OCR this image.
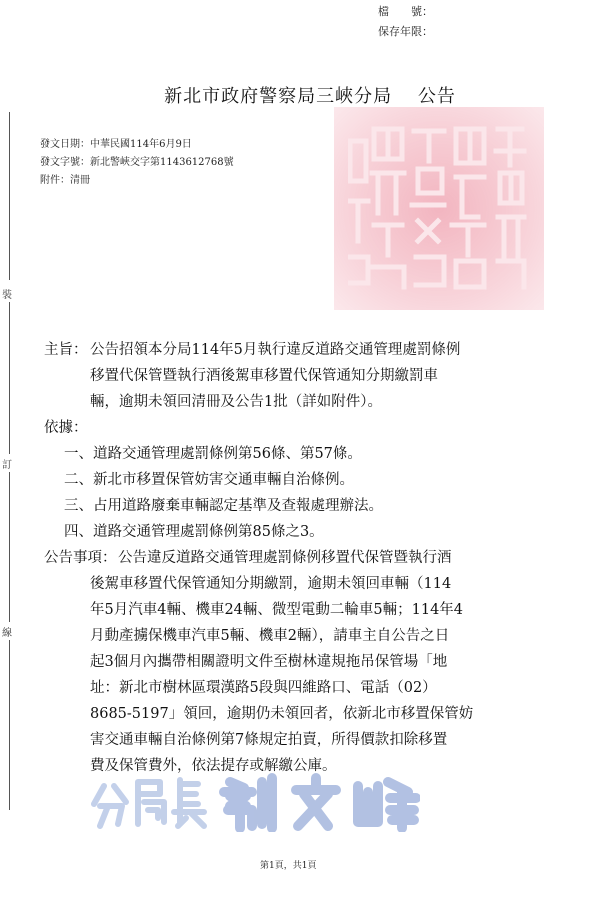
檔　　號：
保存年限：
新北市政府警察局三峽分局　 公告
發文日期：中華民國114年6月9日
發文字號：新北警峽交字第1143612768號
附件：清冊
裝
訂
線
主旨： 公告招領本分局114年5月執行違反道路交通管理處罰條例
移置代保管暨執行酒後駕車移置代保管通知分期繳罰車
輛，逾期未領回清冊及公告1批（詳如附件）。
依據：
一、道路交通管理處罰條例第56條、第57條。
二、新北市移置保管妨害交通車輛自治條例。
三、占用道路廢棄車輛認定基準及查報處理辦法。
四、道路交通管理處罰條例第85條之3。
公告事項： 公告違反道路交通管理處罰條例移置代保管暨執行酒
後駕車移置代保管通知分期繳罰，逾期未領回車輛（114
年5月汽車4輛、機車24輛、微型電動二輪車5輛；114年4
月動產擄保機車汽車5輛、機車2輛），請車主自公告之日
起3個月內攜帶相關證明文件至樹林違規拖吊保管場「地
址：新北市樹林區環漢路5段與四維路口、電話（02）
8685-5197」領回，逾期仍未領回者，依新北市移置保管妨
害交通車輛自治條例第7條規定拍賣，所得價款扣除移置
費及保管費外，依法提存或解繳公庫。
第1頁，共1頁
